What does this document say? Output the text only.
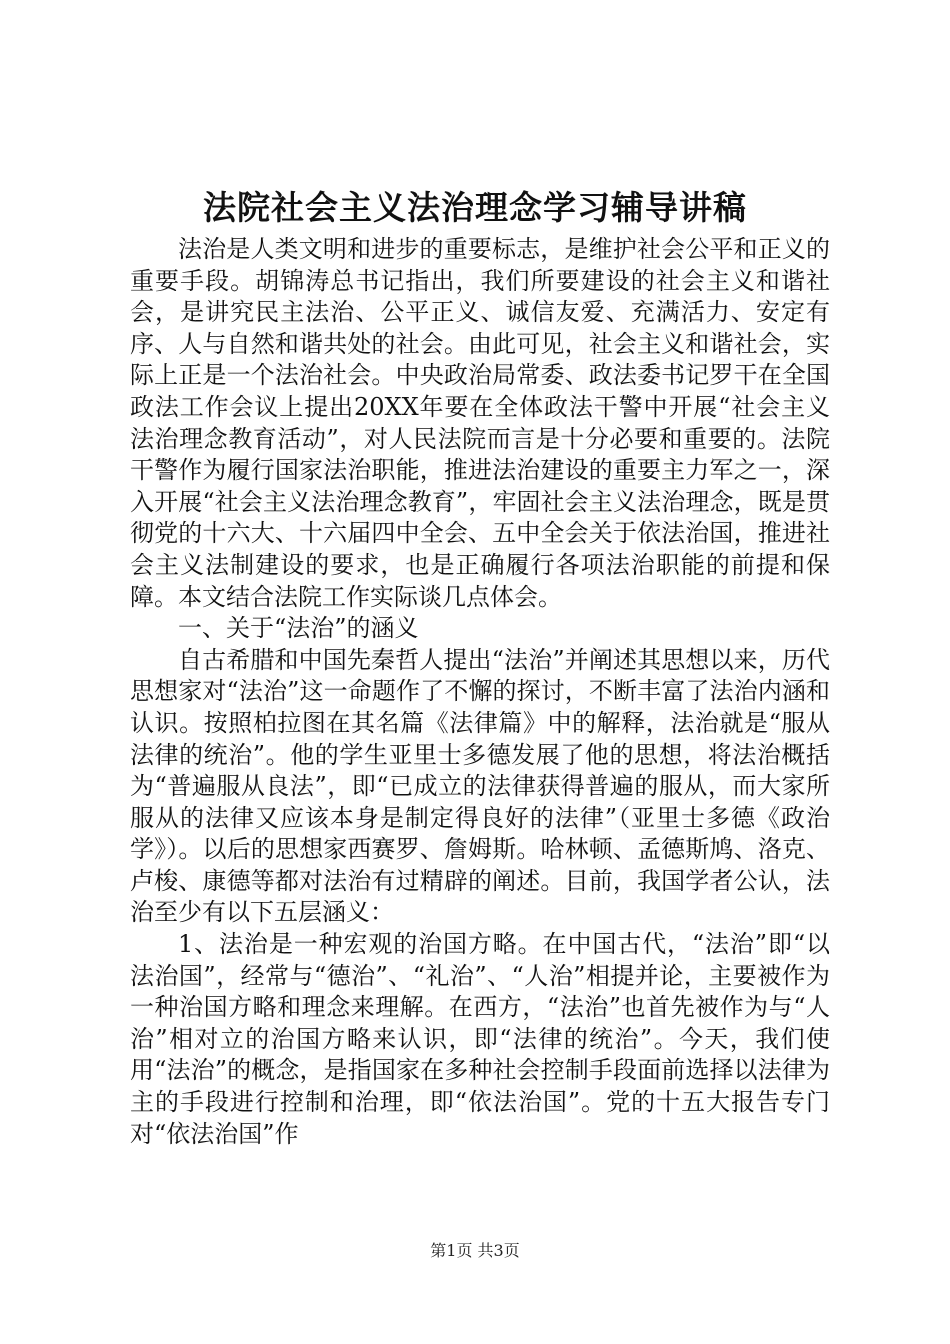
法院社会主义法治理念学习辅导讲稿

法治是人类文明和进步的重要标志，是维护社会公平和正义的重要手段。胡锦涛总书记指出，我们所要建设的社会主义和谐社会，是讲究民主法治、公平正义、诚信友爱、充满活力、安定有序、人与自然和谐共处的社会。由此可见，社会主义和谐社会，实际上正是一个法治社会。中央政治局常委、政法委书记罗干在全国政法工作会议上提出20XX年要在全体政法干警中开展“社会主义法治理念教育活动”，对人民法院而言是十分必要和重要的。法院干警作为履行国家法治职能，推进法治建设的重要主力军之一，深入开展“社会主义法治理念教育”，牢固社会主义法治理念，既是贯彻党的十六大、十六届四中全会、五中全会关于依法治国，推进社会主义法制建设的要求，也是正确履行各项法治职能的前提和保障。本文结合法院工作实际谈几点体会。

一、关于“法治”的涵义

自古希腊和中国先秦哲人提出“法治”并阐述其思想以来，历代思想家对“法治”这一命题作了不懈的探讨，不断丰富了法治内涵和认识。按照柏拉图在其名篇《法律篇》中的解释，法治就是“服从法律的统治”。他的学生亚里士多德发展了他的思想，将法治概括为“普遍服从良法”，即“已成立的法律获得普遍的服从，而大家所服从的法律又应该本身是制定得良好的法律”（亚里士多德《政治学》）。以后的思想家西赛罗、詹姆斯。哈林顿、孟德斯鸠、洛克、卢梭、康德等都对法治有过精辟的阐述。目前，我国学者公认，法治至少有以下五层涵义：

1、法治是一种宏观的治国方略。在中国古代，“法治”即“以法治国”，经常与“德治”、“礼治”、“人治”相提并论，主要被作为一种治国方略和理念来理解。在西方，“法治”也首先被作为与“人治”相对立的治国方略来认识，即“法律的统治”。今天，我们使用“法治”的概念，是指国家在多种社会控制手段面前选择以法律为主的手段进行控制和治理，即“依法治国”。党的十五大报告专门对“依法治国”作

第1页 共3页
